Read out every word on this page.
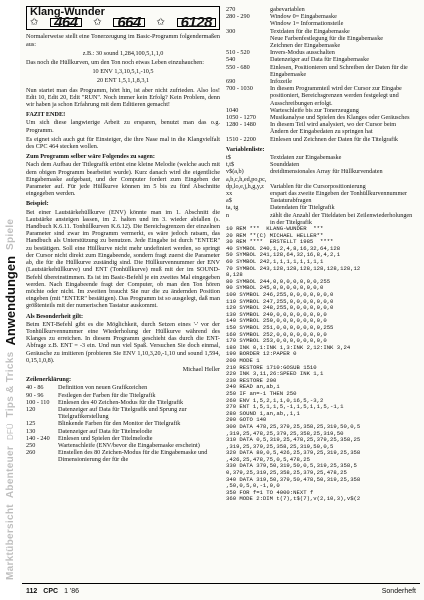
Marktübersicht
Abenteuer
DFÜ
Tips & Tricks
Anwendungen
Spiele
Klang-Wunder
✩ 464	✩ 664	✩ 6128

Normalerweise stellt eine Tonerzeugung im Basic-Programm folgendermaßen aus:

z.B.: 30 sound 1,284,100,5,1,1,0

Das noch die Hüllkurven, um den Ton noch etwas Leben einzuhauchen:

10 ENV 1,3,10,5,1,-10,5

20 ENT 1,5,1,1,8,3,1

Nun startet man das Programm, hört hin, ist aber nicht zufrieden. Also los! Edit 10, Edit 20, Edit "RUN". Noch immer kein Erfolg? Kein Problem, denn wir haben ja schon Erfahrung mit dem Editieren gemacht!

FAZIT ENDE!

Um sich diese langwierige Arbeit zu ersparen, benutzt man das o.g. Programm.

Es eignet sich auch gut für Einsteiger, die ihre Nase mal in die Klangvielfalt des CPC 464 stecken wollen.

Zum Programm selber wäre Folgendes zu sagen:

Nach dem Aufbau der Titlegrafik ertönt eine kleine Melodie (welche auch mit dem obigen Programm bearbeitet wurde). Kurz danach wird die eigentliche Eingabemaske aufgebaut, und der Computer fordert zum Eingeben der Parameter auf. Für jede Hüllkurve können im 5 bis zu fünf Abschnitte eingegeben werden.

Beispiel:

Bei einer Lautstärkehüllkurve (ENV) könnte man im 1. Abschnitt die Lautstärke ansteigen lassen, im 2. halten und im 3. wieder abfallen (s. Handbuch K.6.11. Tonhüllkurven K.6.12). Die Bereichsgrenzen der einzelnen Parameter sind zwar im Programm vermerkt, es wäre jedoch ratsam, das Handbuch als Unterstützung zu benutzen. Jede Eingabe ist durch "ENTER" zu bestätigen. Soll eine Hüllkurve nicht mehr undefiniert werden, so springt der Cursor nicht direkt zum Eingabeende, sondern fragt zuerst die Parameter ab, die für die Hüllkurve zuständig sind. Die Hüllkurvennummer der ENV (Lautstärkehüllkurve) und ENT (Tonhüllkurve) muß mit der im SOUND-Befehl übereinstimmen. Es ist im Basic-Befehl je ein zweites Mal eingegeben werden. Nach Eingabeende fragt der Computer, ob man den Ton hören möchte oder nicht. Im zweiten braucht Sie nur die zu ändernden Position eingeben (mit "ENTER" bestätigen). Das Programm ist so ausgelegt, daß man größtenteils mit der numerischen Tastatur auskommt.

Als Besonderheit gilt:

Beim ENT-Befehl gibt es die Möglichkeit, durch Setzen eines '-' vor der Tonhüllkurvennummer eine Wiederholung der Hüllkurve während des Klanges zu erreichen. In diesem Programm geschieht das durch die ENT-Abfrage z.B. ENT = -3 ein. Und nun viel Spaß. Versuchen Sie doch einmal, Geräusche zu imitieren (probieren Sie ENV 1,10,3,20,-1,10 und sound 1,594, 0,15,1,0,8).

Michael Heller

Zeilenerklärung:

40 - 86	Definition von neuen Grafikzeichen
90 - 96	Festlegen der Farben für die Titelgrafik
100 - 110	Einlesen des 40 Zeichen-Modus für die Titelgrafik
120	Datenzeiger auf Data für Titelgrafik und Sprung zur Titelgrafikerstellung
125	Blinkende Farben für den Monitor der Titelgrafik
130	Datenzeiger auf Data für Titelmelodie
140 - 240	Einlesen und Spielen der Titelmelodie
250	Wartenschleife (ENV/bevor die Eingabemaske erscheint)
260	Einstellen des 80 Zeichen-Modus für die Eingabemaske und Dimensionierung der für die
270	gabevariablen
280 - 290	Window 0= Eingabemaske
	Window 1= Informationsteile
300	Textdaten für die Eingabemaske
	Neue Farbenfestlegung für die Eingabemaske
	Zeichnen der Eingabemaske
510 - 520	Invers-Modus ausschalten
540	Datenzeiger auf Data für Eingabemaske
550 - 680	Einlesen, Positionieren und Schreiben der Daten für die Eingabemaske
690	Infozeile
700 - 1030	In diesem Programmteil wird der Cursor zur Eingabe positioniert, Bereichsgrenzen werden festgelegt und Ausschreibungen erfolgt.
1040	Warteschleife bis zur Tonerzeugung
1050 - 1270	Musikanalyse und Spielen des Klanges oder Geräusches
1280 - 1480	In diesem Teil wird analysiert, wo der Cursor beim Ändern der Eingabedaten zu springen hat
1510 - 2200	Einlesen und Zeichnen der Daten für die Titelgrafik

Variablenliste:

t$	Textdaten zur Eingabemaske
t,t$	Sounddaten
v$(a,b)	dreidimensionales Array für Hüllkurvendaten
a,b,c,h,ed,po,pc,	
dp,lo,e,j,h,g,y,z	Variablen für die Cursorpositionierung
xx	erspart das zweite Eingeben der Tonhüllkurvennummer
a$	Tastaturabfragen
ta, tg	Datendaten für Titelgrafik
n	zählt die Anzahl der Titeldaten bei Zeilenwiederholungen in der Titelgrafik
10 REM ***  KLANG-WUNDER  ***
20 REM **(C) MICHAEL HELLER**
30 REM ****  ERSTELLT 1985  ****
40 SYMBOL 240,1,2,4,8,16,32,64,128
50 SYMBOL 241,128,64,32,16,8,4,2,1
60 SYMBOL 242,1,1,1,1,1,1,1,1
70 SYMBOL 243,128,128,128,128,128,128,12
8,128
80 SYMBOL 244,0,0,0,0,0,0,0,255
90 SYMBOL 245,0,0,0,0,0,0,0,0
100 SYMBOL 246,255,0,0,0,0,0,0,0
110 SYMBOL 247,255,0,0,0,0,0,0,0
120 SYMBOL 248,255,0,0,0,0,0,0,0
130 SYMBOL 249,0,0,0,0,0,0,0,0
140 SYMBOL 250,0,0,0,0,0,0,0,0
150 SYMBOL 251,0,0,0,0,0,0,0,255
160 SYMBOL 252,0,0,0,0,0,0,0,0
170 SYMBOL 253,0,0,0,0,0,0,0,0
180 INK 0,1:INK 1,3:INK 2,12:INK 3,24
190 BORDER 12:PAPER 0
200 MODE 1
210 RESTORE 1710:GOSUB 1510
220 INK 3,11,26:SPEED INK 1,1
230 RESTORE 200
240 READ an,ab,i
250 IF an=-1 THEN 250
260 ENV 1,5,2,1,1,0,16,5,-3,2
270 ENT 1,5,1,1,5,-1,1,5,1,1,5,-1,1
280 SOUND 1,an,ab,,1,1
290 GOTO 140
300 DATA 478,25,379,25,358,25,319,50,0,5
,319,25,478,25,379,25,358,25,319,50
310 DATA 0,5,319,25,478,25,379,25,358,25
,319,25,379,25,358,25,319,50,0,5
320 DATA 80,0,5,426,25,379,25,319,25,358
,426,25,478,75,0,5,478,25
330 DATA 379,50,319,50,0,5,319,25,358,5
0,379,25,319,25,358,25,379,25,478,25
340 DATA 319,50,379,50,478,50,319,25,358
,50,0,5,0,-1,0,0
350 FOR f=1 TO 4000:NEXT f
360 MODE 2:DIM t(7),t$(7),v(2,10,3),v$(2
112 CPC 1 '86	Sonderheft
